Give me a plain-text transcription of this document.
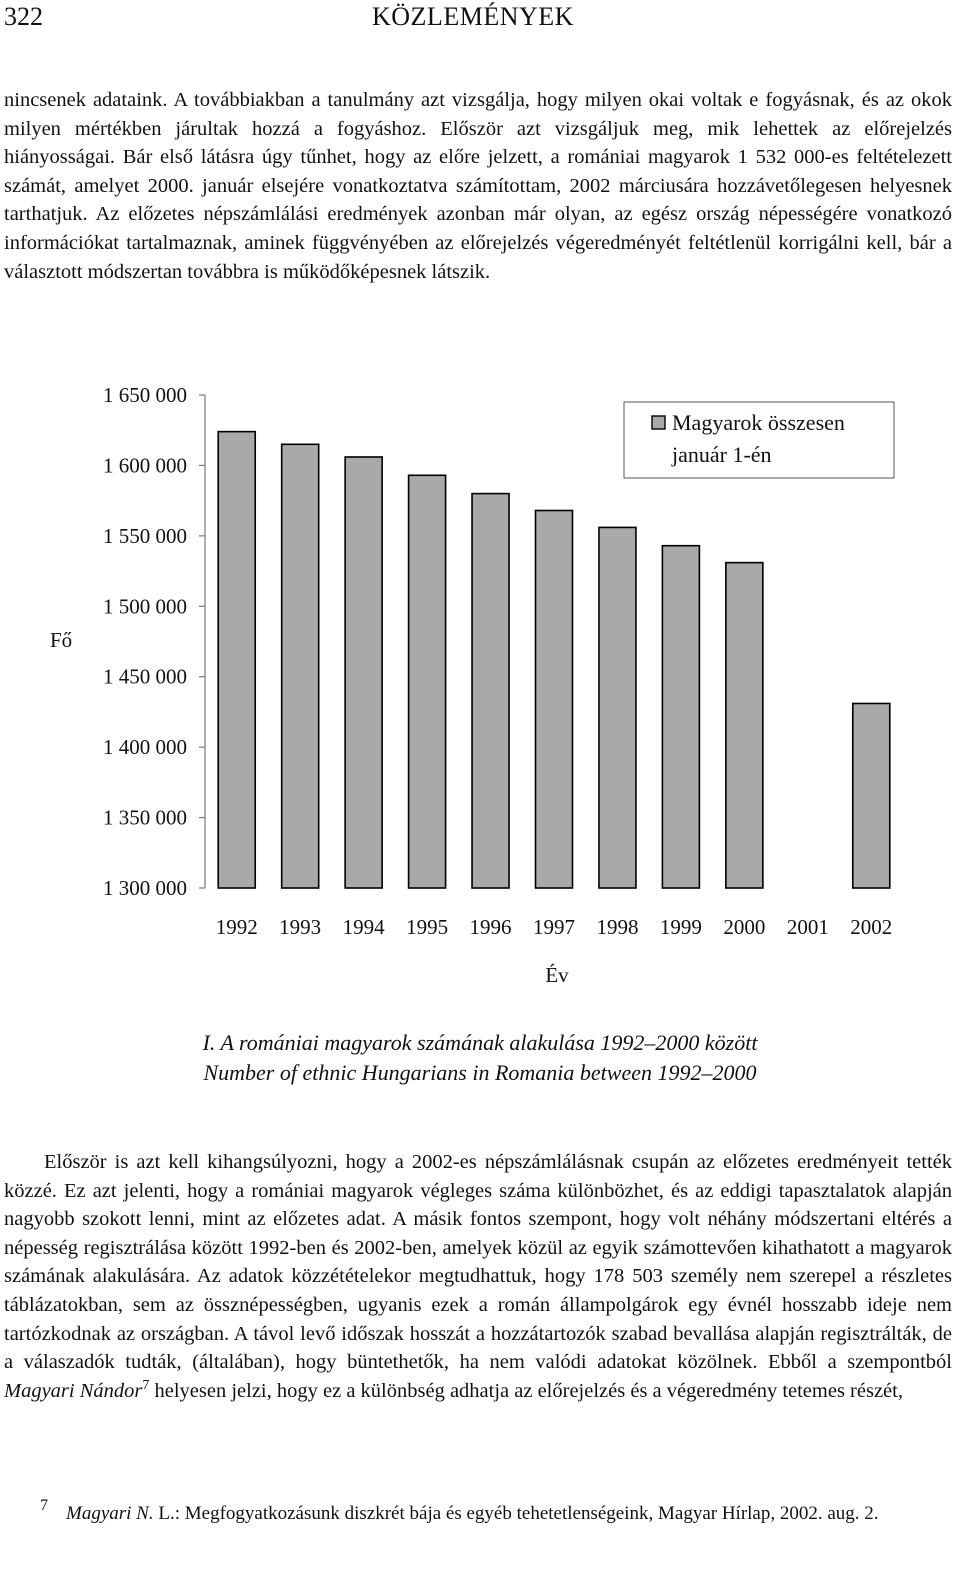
322	KÖZLEMÉNYEK

nincsenek adataink. A továbbiakban a tanulmány azt vizsgálja, hogy milyen okai voltak e fogyásnak, és az okok milyen mértékben járultak hozzá a fogyáshoz. Először azt vizsgáljuk meg, mik lehettek az előrejelzés hiányosságai. Bár első látásra úgy tűnhet, hogy az előre jelzett, a romániai magyarok 1 532 000-es feltételezett számát, amelyet 2000. január elsejére vonatkoztatva számítottam, 2002 márciusára hozzávetőlegesen helyesnek tarthatjuk. Az előzetes népszámlálási eredmények azonban már olyan, az egész ország népességére vonatkozó információkat tartalmaznak, aminek függvényében az előrejelzés végeredményét feltétlenül korrigálni kell, bár a választott módszertan továbbra is működőképesnek látszik.

1 650 000
1 600 000
1 550 000
1 500 000
1 450 000
1 400 000
1 350 000
1 300 000
Fő
1992 1993 1994 1995 1996 1997 1998 1999 2000 2001 2002
Év
Magyarok összesen
január 1-én
I. A romániai magyarok számának alakulása 1992–2000 között
Number of ethnic Hungarians in Romania between 1992–2000

Először is azt kell kihangsúlyozni, hogy a 2002-es népszámlálásnak csupán az előzetes eredményeit tették közzé. Ez azt jelenti, hogy a romániai magyarok végleges száma különbözhet, és az eddigi tapasztalatok alapján nagyobb szokott lenni, mint az előzetes adat. A másik fontos szempont, hogy volt néhány módszertani eltérés a népesség regisztrálása között 1992-ben és 2002-ben, amelyek közül az egyik számottevően kihathatott a magyarok számának alakulására. Az adatok közzétételekor megtudhattuk, hogy 178 503 személy nem szerepel a részletes táblázatokban, sem az össznépességben, ugyanis ezek a román állampolgárok egy évnél hosszabb ideje nem tartózkodnak az országban. A távol levő időszak hosszát a hozzátartozók szabad bevallása alapján regisztrálták, de a válaszadók tudták, (általában), hogy büntethetők, ha nem valódi adatokat közölnek. Ebből a szempontból Magyari Nándor$^7$ helyesen jelzi, hogy ez a különbség adhatja az előrejelzés és a végeredmény tetemes részét,

$^7$ Magyari N. L.: Megfogyatkozásunk diszkrét bája és egyéb tehetetlenségeink, Magyar Hírlap, 2002. aug. 2.
